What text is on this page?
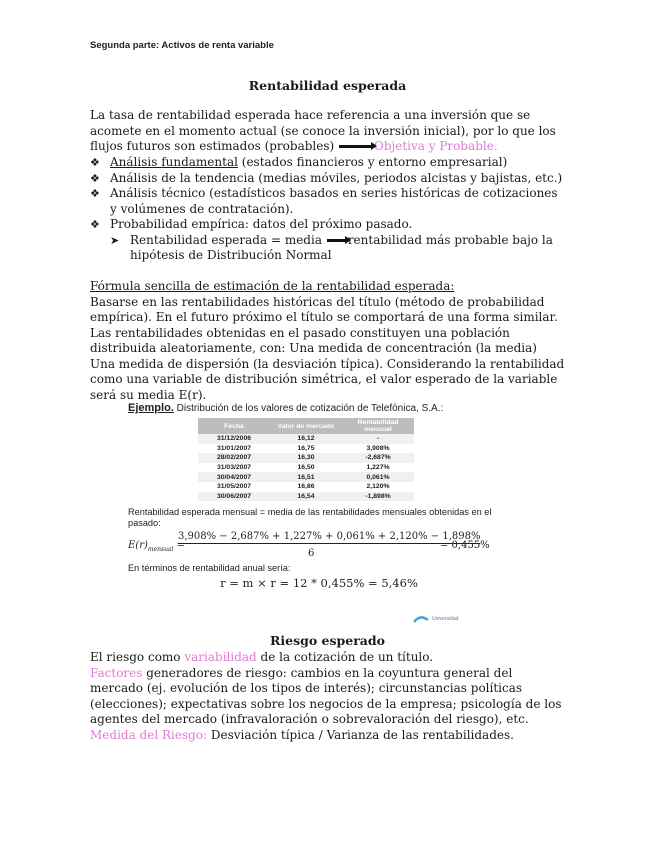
Segunda parte: Activos de renta variable
Rentabilidad esperada
La tasa de rentabilidad esperada hace referencia a una inversión que se acomete en el momento actual (se conoce la inversión inicial), por lo que los flujos futuros son estimados (probables)	Objetiva y Probable.
❖ Análisis fundamental (estados financieros y entorno empresarial)
❖ Análisis de la tendencia (medias móviles, periodos alcistas y bajistas, etc.)
❖ Análisis técnico (estadísticos basados en series históricas de cotizaciones y volúmenes de contratación).
❖ Probabilidad empírica: datos del próximo pasado.
➤ Rentabilidad esperada = media rentabilidad más probable bajo la hipótesis de Distribución Normal
Fórmula sencilla de estimación de la rentabilidad esperada:
Basarse en las rentabilidades históricas del título (método de probabilidad empírica). En el futuro próximo el título se comportará de una forma similar. Las rentabilidades obtenidas en el pasado constituyen una población distribuida aleatoriamente, con: Una medida de concentración (la media) Una medida de dispersión (la desviación típica). Considerando la rentabilidad como una variable de distribución simétrica, el valor esperado de la variable será su media E(r).
Ejemplo. Distribución de los valores de cotización de Telefónica, S.A.:
Fecha	Valor de mercado	Rentabilidad mensual
31/12/2006	16,12	-
31/01/2007	16,75	3,908%
28/02/2007	16,30	-2,687%
31/03/2007	16,50	1,227%
30/04/2007	16,51	0,061%
31/05/2007	16,86	2,120%
30/06/2007	16,54	-1,898%
Rentabilidad esperada mensual = media de las rentabilidades mensuales obtenidas en el pasado:
$E(r)_{mensual}$ =
3,908% − 2,687% + 1,227% + 0,061% + 2,120% − 1,898%
6
= 0,455%
En términos de rentabilidad anual sería:
r = m × r = 12 * 0,455% = 5,46%
Universidad
Riesgo esperado
El riesgo como variabilidad de la cotización de un título.
Factores generadores de riesgo: cambios en la coyuntura general del mercado (ej. evolución de los tipos de interés); circunstancias políticas (elecciones); expectativas sobre los negocios de la empresa; psicología de los agentes del mercado (infravaloración o sobrevaloración del riesgo), etc.
Medida del Riesgo: Desviación típica / Varianza de las rentabilidades.
